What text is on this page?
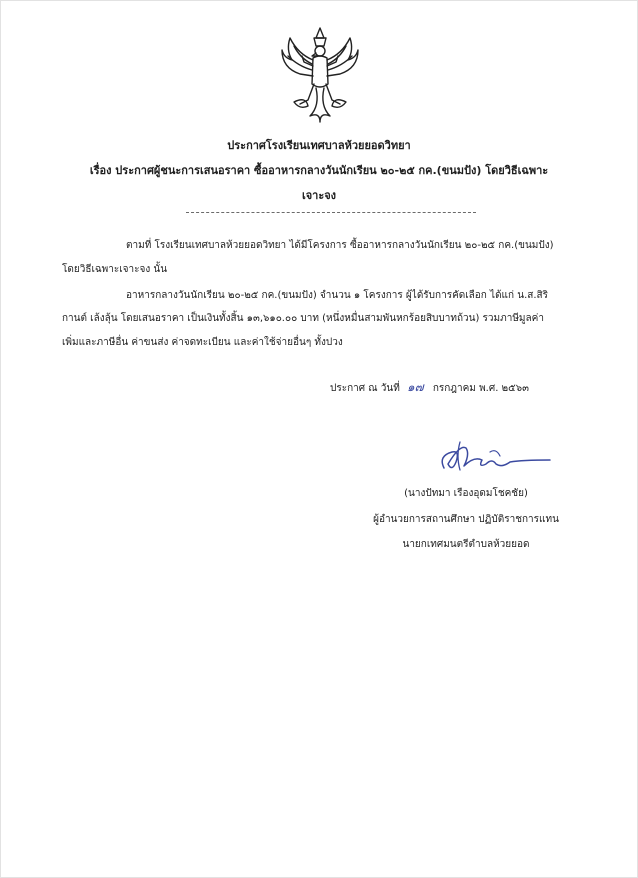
ประกาศโรงเรียนเทศบาลห้วยยอดวิทยา
เรื่อง ประกาศผู้ชนะการเสนอราคา ซื้ออาหารกลางวันนักเรียน ๒๐-๒๕ กค.(ขนมปัง) โดยวิธีเฉพาะ
เจาะจง
ตามที่ โรงเรียนเทศบาลห้วยยอดวิทยา ได้มีโครงการ ซื้ออาหารกลางวันนักเรียน ๒๐-๒๕ กค.(ขนมปัง)
โดยวิธีเฉพาะเจาะจง นั้น
อาหารกลางวันนักเรียน ๒๐-๒๕ กค.(ขนมปัง) จำนวน ๑ โครงการ ผู้ได้รับการคัดเลือก ได้แก่ น.ส.สิริ
กานต์ เล้งลุ้น โดยเสนอราคา เป็นเงินทั้งสิ้น ๑๓,๖๑๐.๐๐ บาท (หนึ่งหมื่นสามพันหกร้อยสิบบาทถ้วน) รวมภาษีมูลค่า
เพิ่มและภาษีอื่น ค่าขนส่ง ค่าจดทะเบียน และค่าใช้จ่ายอื่นๆ ทั้งปวง
ประกาศ ณ วันที่ ๑๗ กรกฎาคม พ.ศ. ๒๕๖๓
(นางปัทมา เรืองอุดมโชคชัย)
ผู้อำนวยการสถานศึกษา ปฏิบัติราชการแทน
นายกเทศมนตรีตำบลห้วยยอด
